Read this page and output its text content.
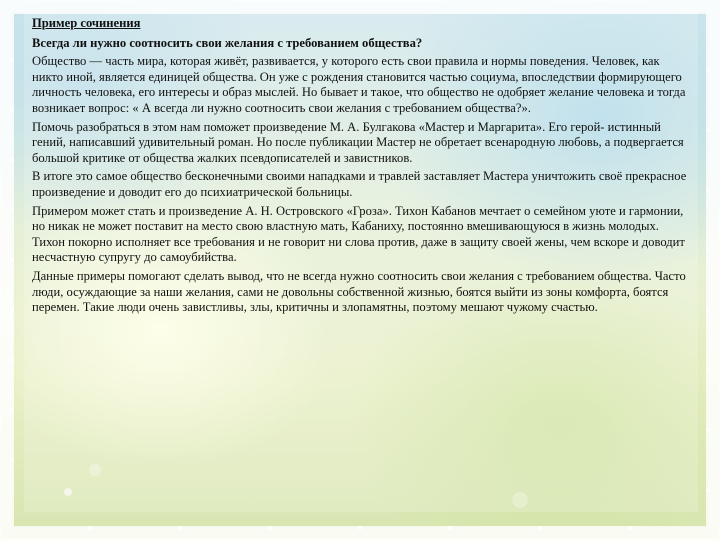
Пример сочинения

Всегда ли нужно соотносить свои желания с требованием общества?

Общество — часть мира, которая живёт, развивается, у которого есть свои правила и нормы поведения. Человек, как никто иной, является единицей общества. Он уже с рождения становится частью социума, впоследствии формирующего личность человека, его интересы и образ мыслей. Но бывает и такое, что общество не одобряет желание человека и тогда возникает вопрос: « А всегда ли нужно соотносить свои желания с требованием общества?».

Помочь разобраться в этом нам поможет произведение М. А. Булгакова «Мастер и Маргарита». Его герой- истинный гений, написавший удивительный роман. Но после публикации Мастер не обретает всенародную любовь, а подвергается большой критике от общества жалких псевдописателей и завистников.

В итоге это самое общество бесконечными своими нападками и травлей заставляет Мастера уничтожить своё прекрасное произведение и доводит его до психиатрической больницы.

Примером может стать и произведение А. Н. Островского «Гроза». Тихон Кабанов мечтает о семейном уюте и гармонии, но никак не может поставит на место свою властную мать, Кабаниху, постоянно вмешивающуюся в жизнь молодых. Тихон покорно исполняет все требования и не говорит ни слова против, даже в защиту своей жены, чем вскоре и доводит несчастную супругу до самоубийства.

Данные примеры помогают сделать вывод, что не всегда нужно соотносить свои желания с требованием общества. Часто люди, осуждающие за наши желания, сами не довольны собственной жизнью, боятся выйти из зоны комфорта, боятся перемен. Такие люди очень завистливы, злы, критичны и злопамятны, поэтому мешают чужому счастью.
